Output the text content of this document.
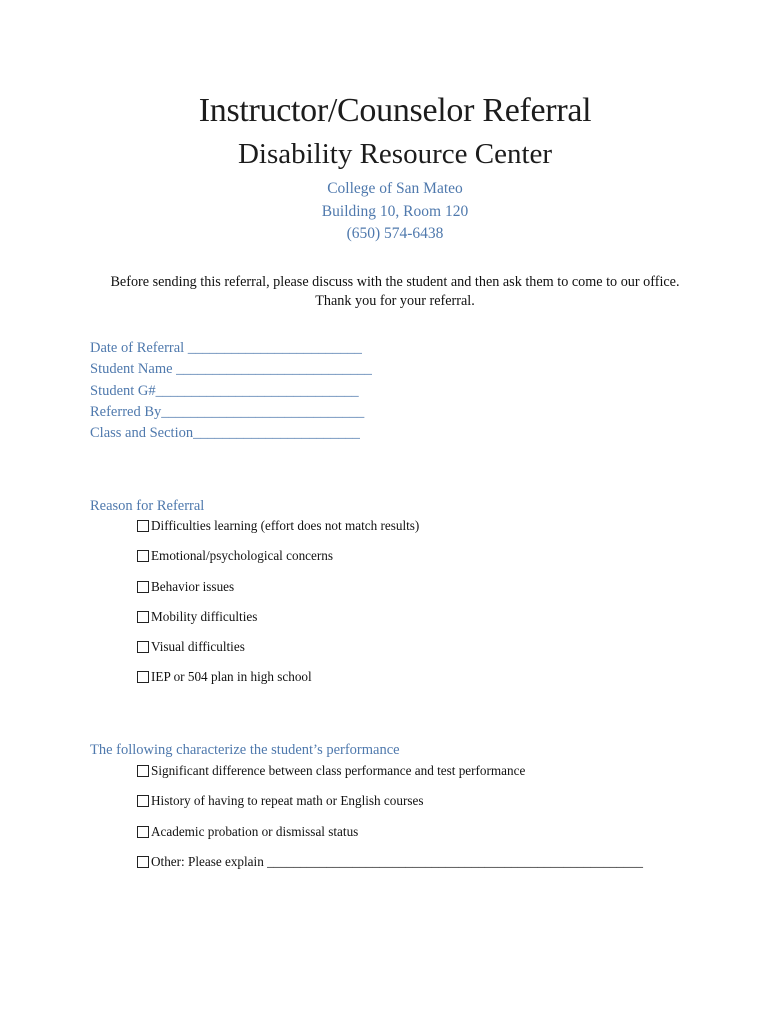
Instructor/Counselor Referral
Disability Resource Center
College of San Mateo
Building 10, Room 120
(650) 574-6438
Before sending this referral, please discuss with the student and then ask them to come to our office.
Thank you for your referral.
Date of Referral ________________________
Student Name ___________________________
Student G#____________________________
Referred By____________________________
Class and Section_______________________
Reason for Referral
Difficulties learning (effort does not match results)
Emotional/psychological concerns
Behavior issues
Mobility difficulties
Visual difficulties
IEP or 504 plan in high school
The following characterize the student’s performance
Significant difference between class performance and test performance
History of having to repeat math or English courses
Academic probation or dismissal status
Other: Please explain _________________________________________________________
